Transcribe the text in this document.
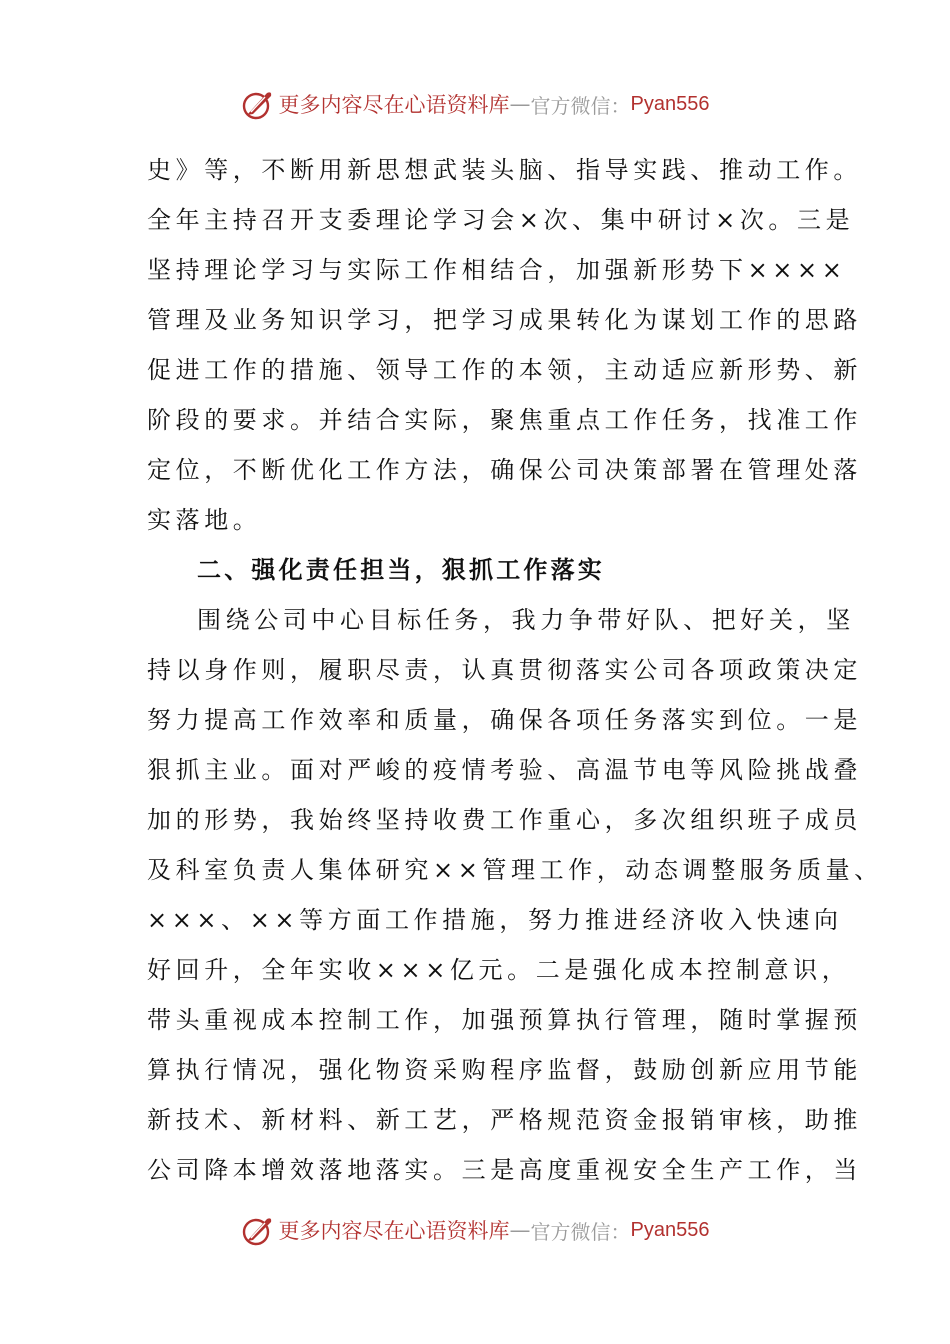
更多内容尽在心语资料库 — 官方微信： Pyan556
史》等，不断用新思想武装头脑、指导实践、推动工作。
全年主持召开支委理论学习会×次、集中研讨×次。三是
坚持理论学习与实际工作相结合，加强新形势下××××
管理及业务知识学习，把学习成果转化为谋划工作的思路
促进工作的措施、领导工作的本领，主动适应新形势、新
阶段的要求。并结合实际，聚焦重点工作任务，找准工作
定位，不断优化工作方法，确保公司决策部署在管理处落
实落地。
二、强化责任担当，狠抓工作落实
围绕公司中心目标任务，我力争带好队、把好关，坚
持以身作则，履职尽责，认真贯彻落实公司各项政策决定
努力提高工作效率和质量，确保各项任务落实到位。一是
狠抓主业。面对严峻的疫情考验、高温节电等风险挑战叠
加的形势，我始终坚持收费工作重心，多次组织班子成员
及科室负责人集体研究××管理工作，动态调整服务质量、
×××、××等方面工作措施，努力推进经济收入快速向
好回升，全年实收×××亿元。二是强化成本控制意识，
带头重视成本控制工作，加强预算执行管理，随时掌握预
算执行情况，强化物资采购程序监督，鼓励创新应用节能
新技术、新材料、新工艺，严格规范资金报销审核，助推
公司降本增效落地落实。三是高度重视安全生产工作，当
更多内容尽在心语资料库 — 官方微信： Pyan556
